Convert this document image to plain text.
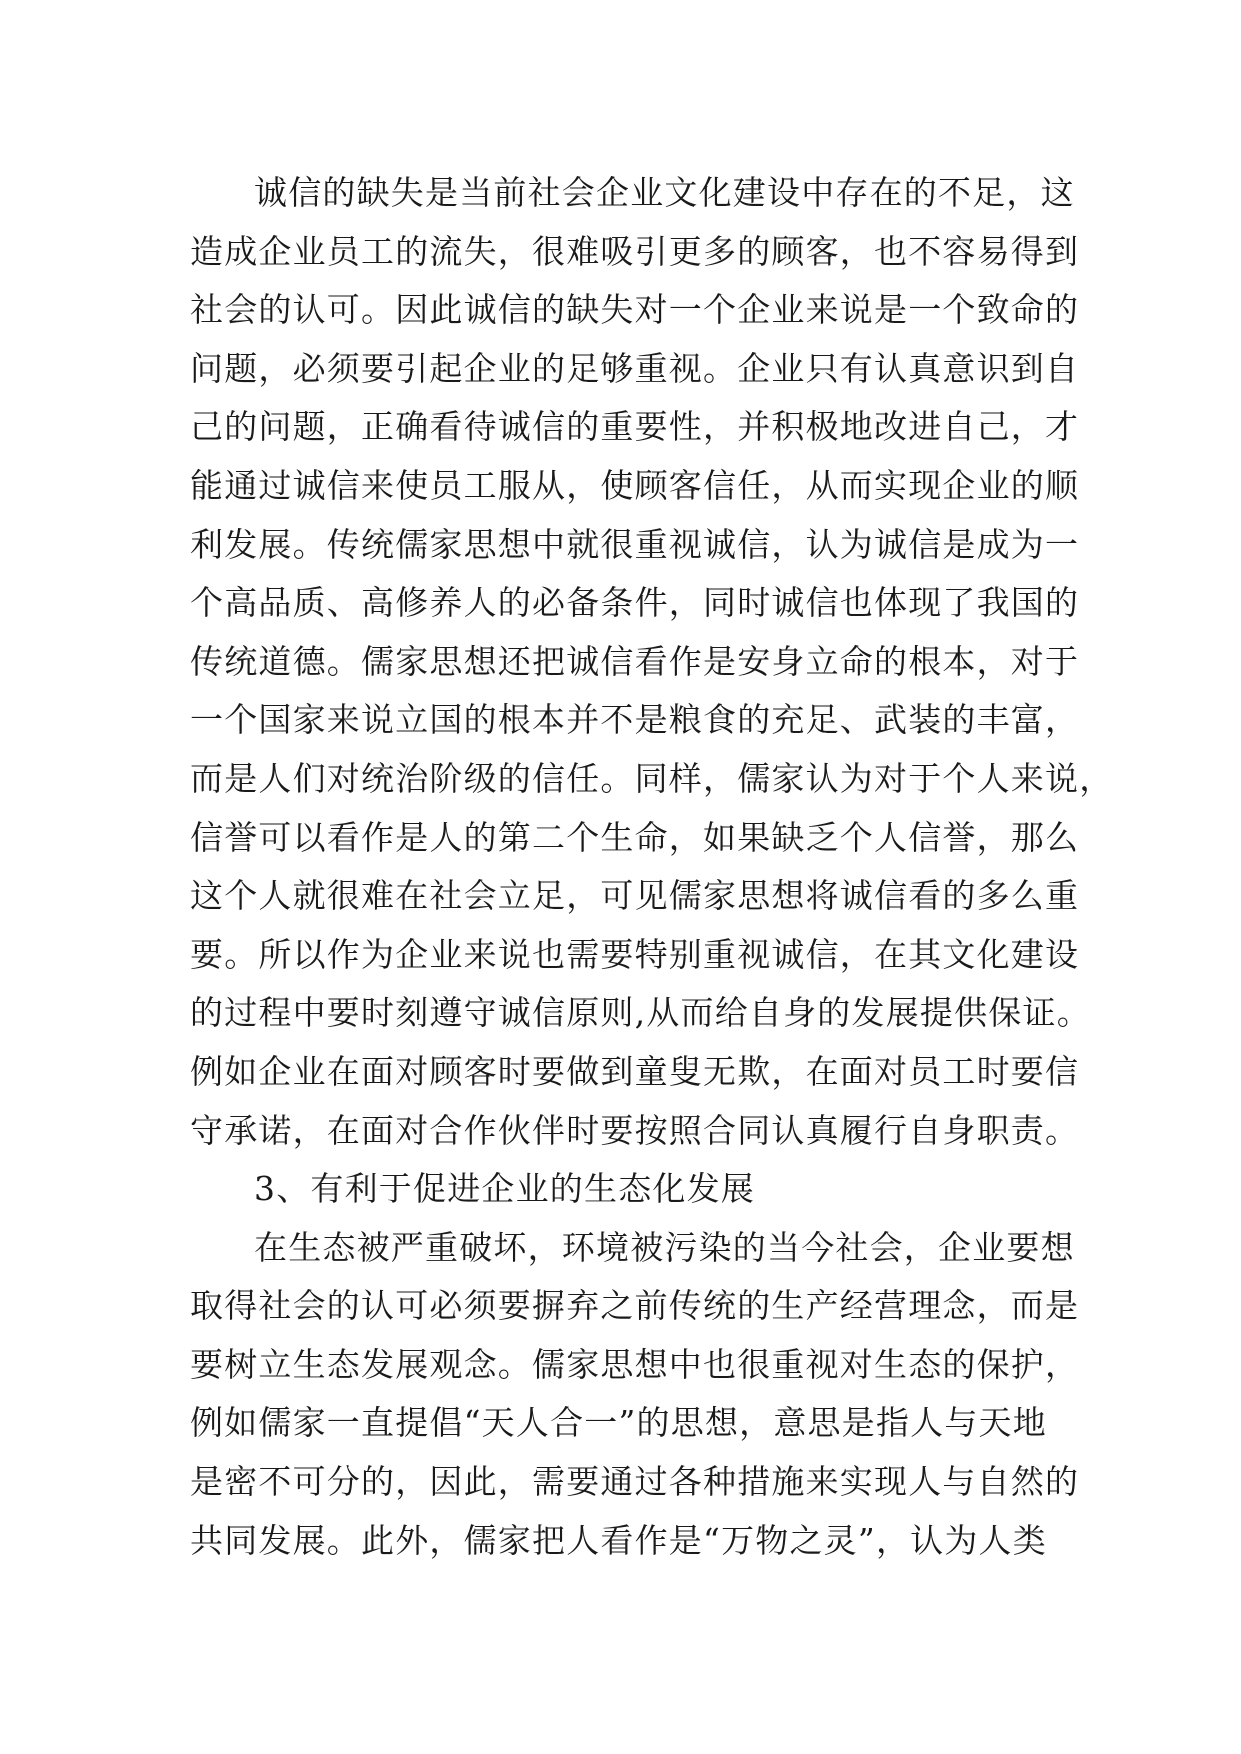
诚信的缺失是当前社会企业文化建设中存在的不足，这
造成企业员工的流失，很难吸引更多的顾客，也不容易得到
社会的认可。因此诚信的缺失对一个企业来说是一个致命的
问题，必须要引起企业的足够重视。企业只有认真意识到自
己的问题，正确看待诚信的重要性，并积极地改进自己，才
能通过诚信来使员工服从，使顾客信任，从而实现企业的顺
利发展。传统儒家思想中就很重视诚信，认为诚信是成为一
个高品质、高修养人的必备条件，同时诚信也体现了我国的
传统道德。儒家思想还把诚信看作是安身立命的根本，对于
一个国家来说立国的根本并不是粮食的充足、武装的丰富，
而是人们对统治阶级的信任。同样，儒家认为对于个人来说，
信誉可以看作是人的第二个生命，如果缺乏个人信誉，那么
这个人就很难在社会立足，可见儒家思想将诚信看的多么重
要。所以作为企业来说也需要特别重视诚信，在其文化建设
的过程中要时刻遵守诚信原则,从而给自身的发展提供保证。
例如企业在面对顾客时要做到童叟无欺，在面对员工时要信
守承诺，在面对合作伙伴时要按照合同认真履行自身职责。
3、有利于促进企业的生态化发展
在生态被严重破坏，环境被污染的当今社会，企业要想
取得社会的认可必须要摒弃之前传统的生产经营理念，而是
要树立生态发展观念。儒家思想中也很重视对生态的保护，
例如儒家一直提倡“天人合一”的思想，意思是指人与天地
是密不可分的，因此，需要通过各种措施来实现人与自然的
共同发展。此外，儒家把人看作是“万物之灵”，认为人类
